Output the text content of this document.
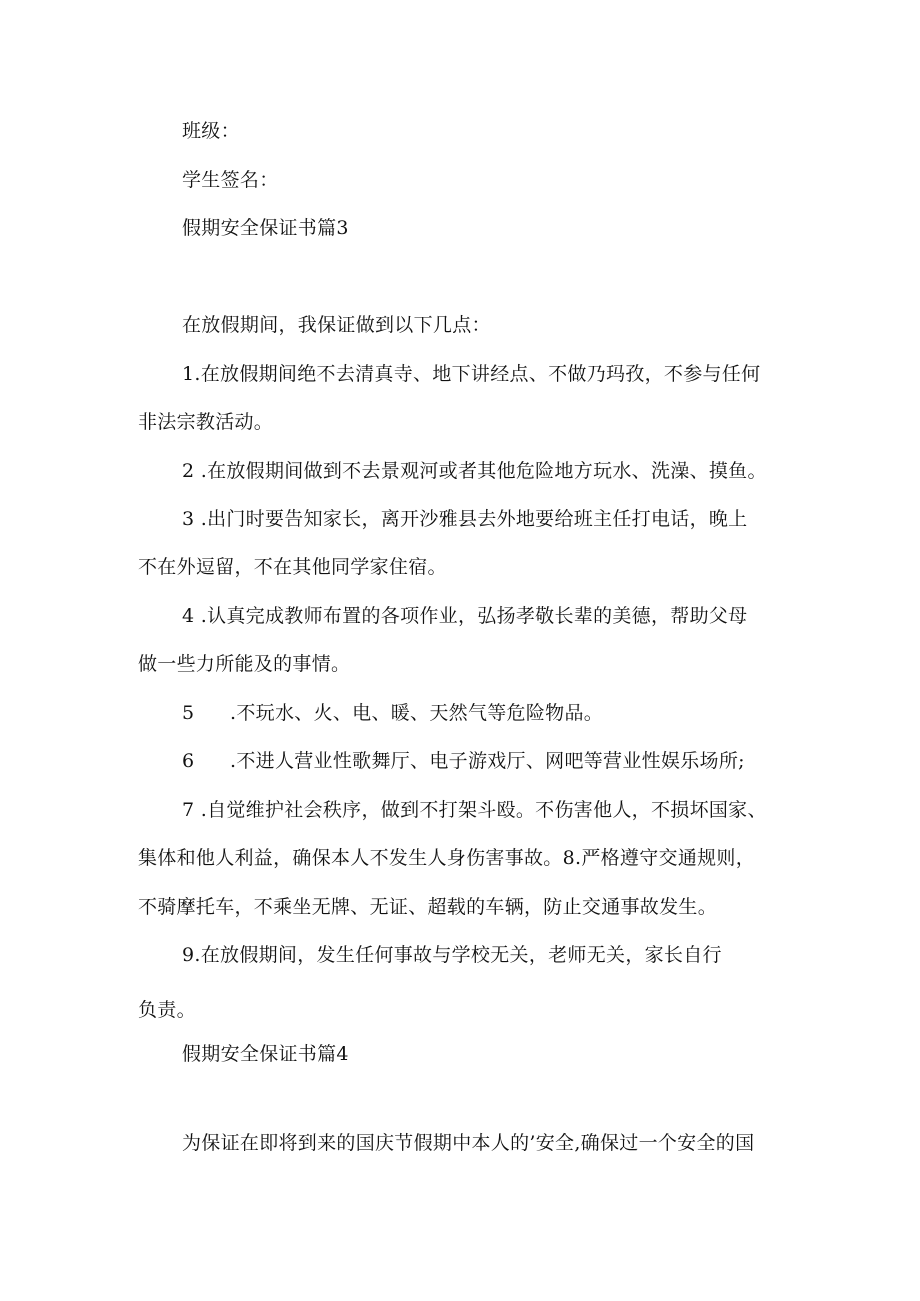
班级：
学生签名：
假期安全保证书篇3
在放假期间，我保证做到以下几点：
1.在放假期间绝不去清真寺、地下讲经点、不做乃玛孜，不参与任何
非法宗教活动。
2 .在放假期间做到不去景观河或者其他危险地方玩水、洗澡、摸鱼。
3 .出门时要告知家长，离开沙雅县去外地要给班主任打电话，晚上
不在外逗留，不在其他同学家住宿。
4 .认真完成教师布置的各项作业，弘扬孝敬长辈的美德，帮助父母
做一些力所能及的事情。
5 .不玩水、火、电、暖、天然气等危险物品。
6 .不进人营业性歌舞厅、电子游戏厅、网吧等营业性娱乐场所;
7 .自觉维护社会秩序，做到不打架斗殴。不伤害他人，不损坏国家、
集体和他人利益，确保本人不发生人身伤害事故。8.严格遵守交通规则，
不骑摩托车，不乘坐无牌、无证、超载的车辆，防止交通事故发生。
9.在放假期间，发生任何事故与学校无关，老师无关，家长自行
负责。
假期安全保证书篇4
为保证在即将到来的国庆节假期中本人的’安全,确保过一个安全的国
